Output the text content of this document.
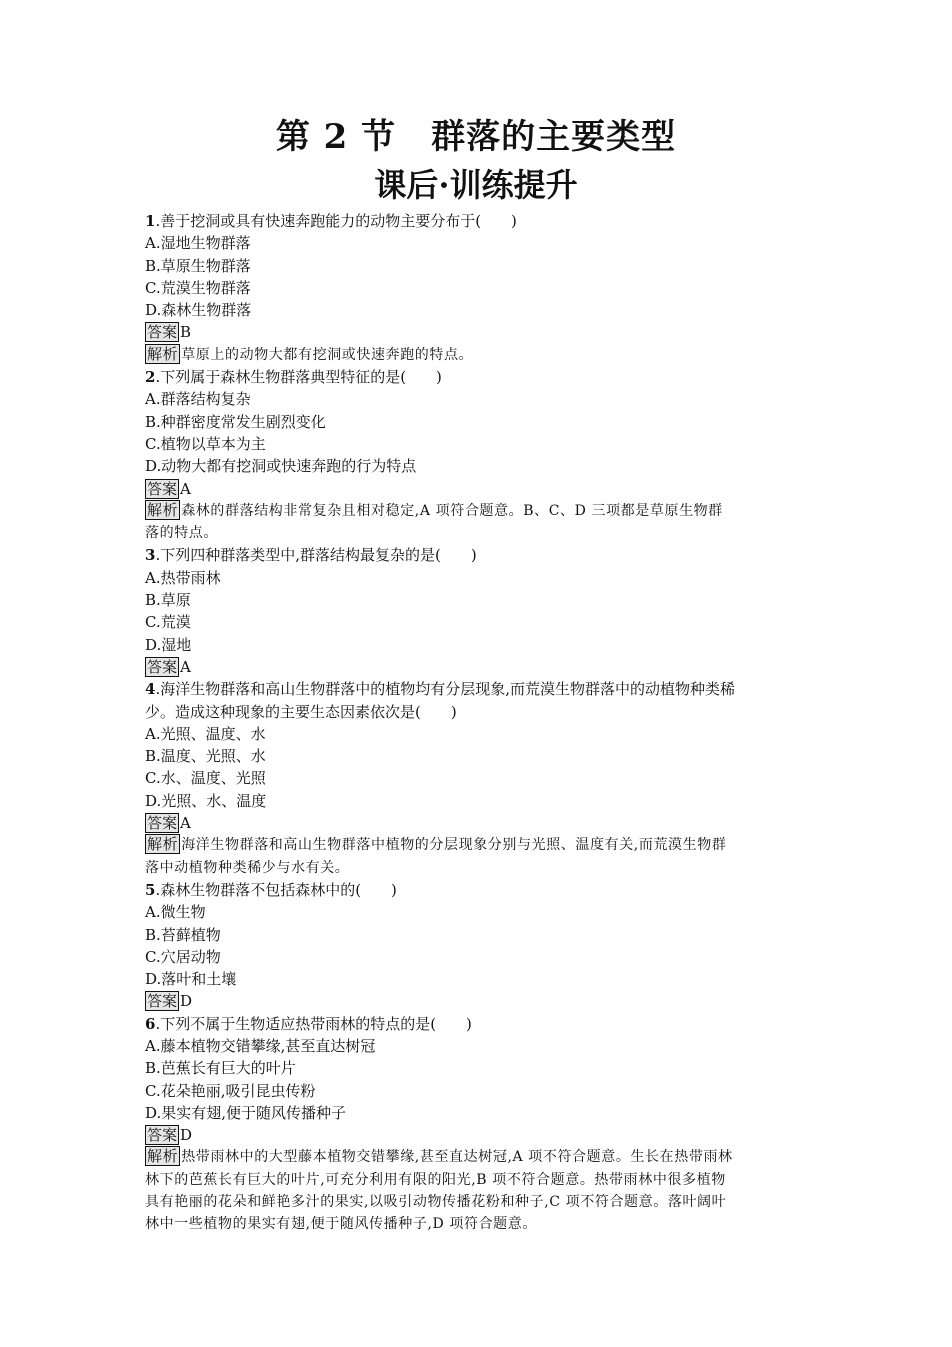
第 2 节　群落的主要类型
课后·训练提升
1.善于挖洞或具有快速奔跑能力的动物主要分布于(　　)
A.湿地生物群落
B.草原生物群落
C.荒漠生物群落
D.森林生物群落
答案 B
解析 草原上的动物大都有挖洞或快速奔跑的特点。
2.下列属于森林生物群落典型特征的是(　　)
A.群落结构复杂
B.种群密度常发生剧烈变化
C.植物以草本为主
D.动物大都有挖洞或快速奔跑的行为特点
答案 A
解析 森林的群落结构非常复杂且相对稳定,A 项符合题意。B、C、D 三项都是草原生物群
落的特点。
3.下列四种群落类型中,群落结构最复杂的是(　　)
A.热带雨林
B.草原
C.荒漠
D.湿地
答案 A
4.海洋生物群落和高山生物群落中的植物均有分层现象,而荒漠生物群落中的动植物种类稀
少。造成这种现象的主要生态因素依次是(　　)
A.光照、温度、水
B.温度、光照、水
C.水、温度、光照
D.光照、水、温度
答案 A
解析 海洋生物群落和高山生物群落中植物的分层现象分别与光照、温度有关,而荒漠生物群
落中动植物种类稀少与水有关。
5.森林生物群落不包括森林中的(　　)
A.微生物
B.苔藓植物
C.穴居动物
D.落叶和土壤
答案 D
6.下列不属于生物适应热带雨林的特点的是(　　)
A.藤本植物交错攀缘,甚至直达树冠
B.芭蕉长有巨大的叶片
C.花朵艳丽,吸引昆虫传粉
D.果实有翅,便于随风传播种子
答案 D
解析 热带雨林中的大型藤本植物交错攀缘,甚至直达树冠,A 项不符合题意。生长在热带雨林
林下的芭蕉长有巨大的叶片,可充分利用有限的阳光,B 项不符合题意。热带雨林中很多植物
具有艳丽的花朵和鲜艳多汁的果实,以吸引动物传播花粉和种子,C 项不符合题意。落叶阔叶
林中一些植物的果实有翅,便于随风传播种子,D 项符合题意。
